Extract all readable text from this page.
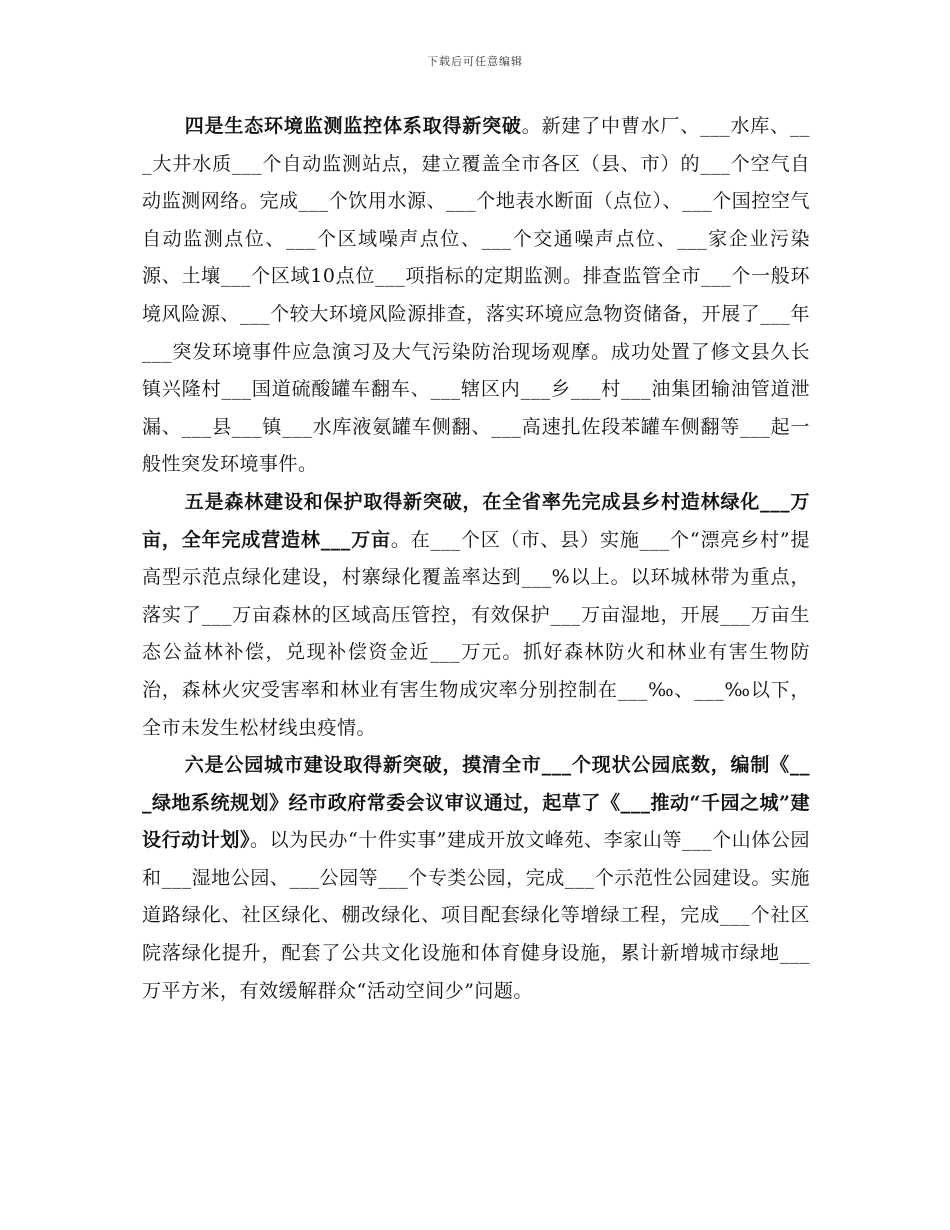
下载后可任意编辑

四是生态环境监测监控体系取得新突破。新建了中曹水厂、___水库、___大井水质___个自动监测站点，建立覆盖全市各区（县、市）的___个空气自动监测网络。完成___个饮用水源、___个地表水断面（点位）、___个国控空气自动监测点位、___个区域噪声点位、___个交通噪声点位、___家企业污染源、土壤___个区域10点位___项指标的定期监测。排查监管全市___个一般环境风险源、___个较大环境风险源排查，落实环境应急物资储备，开展了___年___突发环境事件应急演习及大气污染防治现场观摩。成功处置了修文县久长镇兴隆村___国道硫酸罐车翻车、___辖区内___乡___村___油集团输油管道泄漏、___县___镇___水库液氨罐车侧翻、___高速扎佐段苯罐车侧翻等___起一般性突发环境事件。

五是森林建设和保护取得新突破，在全省率先完成县乡村造林绿化___万亩，全年完成营造林___万亩。在___个区（市、县）实施___个“漂亮乡村”提高型示范点绿化建设，村寨绿化覆盖率达到___%以上。以环城林带为重点，落实了___万亩森林的区域高压管控，有效保护___万亩湿地，开展___万亩生态公益林补偿，兑现补偿资金近___万元。抓好森林防火和林业有害生物防治，森林火灾受害率和林业有害生物成灾率分别控制在___‰、___‰以下，全市未发生松材线虫疫情。

六是公园城市建设取得新突破，摸清全市___个现状公园底数，编制《___绿地系统规划》经市政府常委会议审议通过，起草了《___推动“千园之城”建设行动计划》。以为民办“十件实事”建成开放文峰苑、李家山等___个山体公园和___湿地公园、___公园等___个专类公园，完成___个示范性公园建设。实施道路绿化、社区绿化、棚改绿化、项目配套绿化等增绿工程，完成___个社区院落绿化提升，配套了公共文化设施和体育健身设施，累计新增城市绿地___万平方米，有效缓解群众“活动空间少”问题。
